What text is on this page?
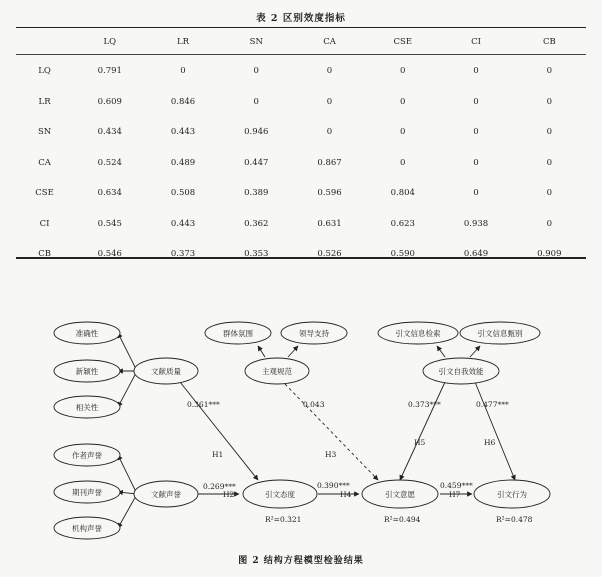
表 2 区别效度指标
	LQ	LR	SN	CA	CSE	CI	CB
LQ	0.791	0	0	0	0	0	0
LR	0.609	0.846	0	0	0	0	0
SN	0.434	0.443	0.946	0	0	0	0
CA	0.524	0.489	0.447	0.867	0	0	0
CSE	0.634	0.508	0.389	0.596	0.804	0	0
CI	0.545	0.443	0.362	0.631	0.623	0.938	0
CB	0.546	0.373	0.353	0.526	0.590	0.649	0.909
准确性
新颖性
相关性
作者声誉
期刊声誉
机构声誉
群体氛围	领导支持	引文信息检索	引文信息甄别
文献质量
文献声誉
主观规范
引文态度	引文意愿	引文行为
引文自我效能
0.361***
H1
0.269***
H2
0.043
H3
0.390***
H4
0.373***
H5
0.477***
H6
0.459***
H7
R²=0.321	R²=0.494	R²=0.478
图 2 结构方程模型检验结果
